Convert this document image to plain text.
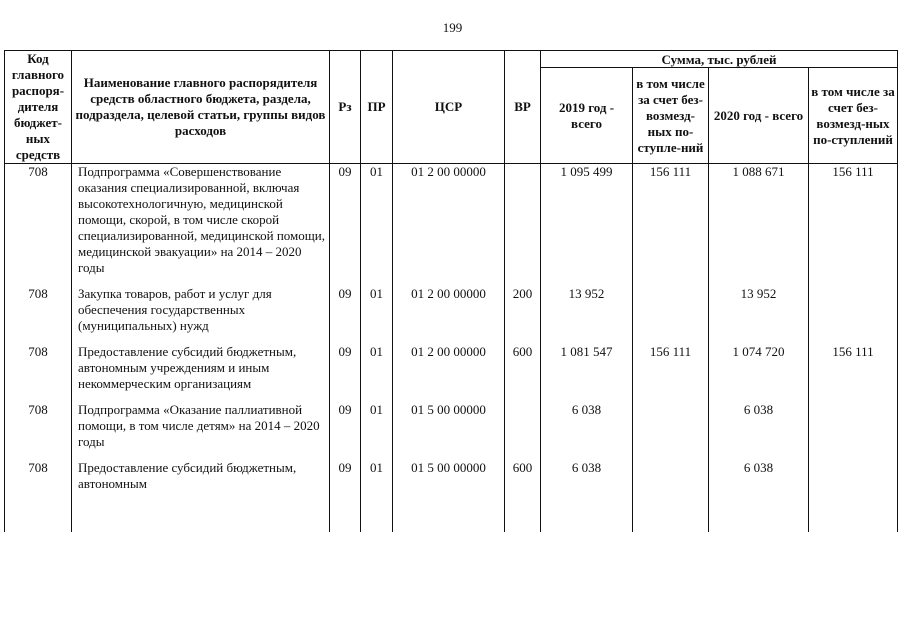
199
Код главного распоря-дителя бюджет-ных средств	Наименование главного распорядителя средств областного бюджета, раздела, подраздела, целевой статьи, группы видов расходов	Рз	ПР	ЦСР	ВР	Сумма, тыс. рублей			
						2019 год - всего	в том числе за счет без-возмезд-ных по-ступле-ний	2020 год - всего	в том числе за счет без-возмезд-ных по-ступлений
708	Подпрограмма «Совершенствование оказания специализированной, включая высокотехнологичную, медицинской помощи, скорой, в том числе скорой специализированной, медицинской помощи, медицинской эвакуации» на 2014 – 2020 годы	09	01	01 2 00 00000		1 095 499	156 111	1 088 671	156 111
708	Закупка товаров, работ и услуг для обеспечения государственных (муниципальных) нужд	09	01	01 2 00 00000	200	13 952		13 952	
708	Предоставление субсидий бюджетным, автономным учреждениям и иным некоммерческим организациям	09	01	01 2 00 00000	600	1 081 547	156 111	1 074 720	156 111
708	Подпрограмма «Оказание паллиативной помощи, в том числе детям» на 2014 – 2020 годы	09	01	01 5 00 00000		6 038		6 038	
708	Предоставление субсидий бюджетным, автономным	09	01	01 5 00 00000	600	6 038		6 038	
